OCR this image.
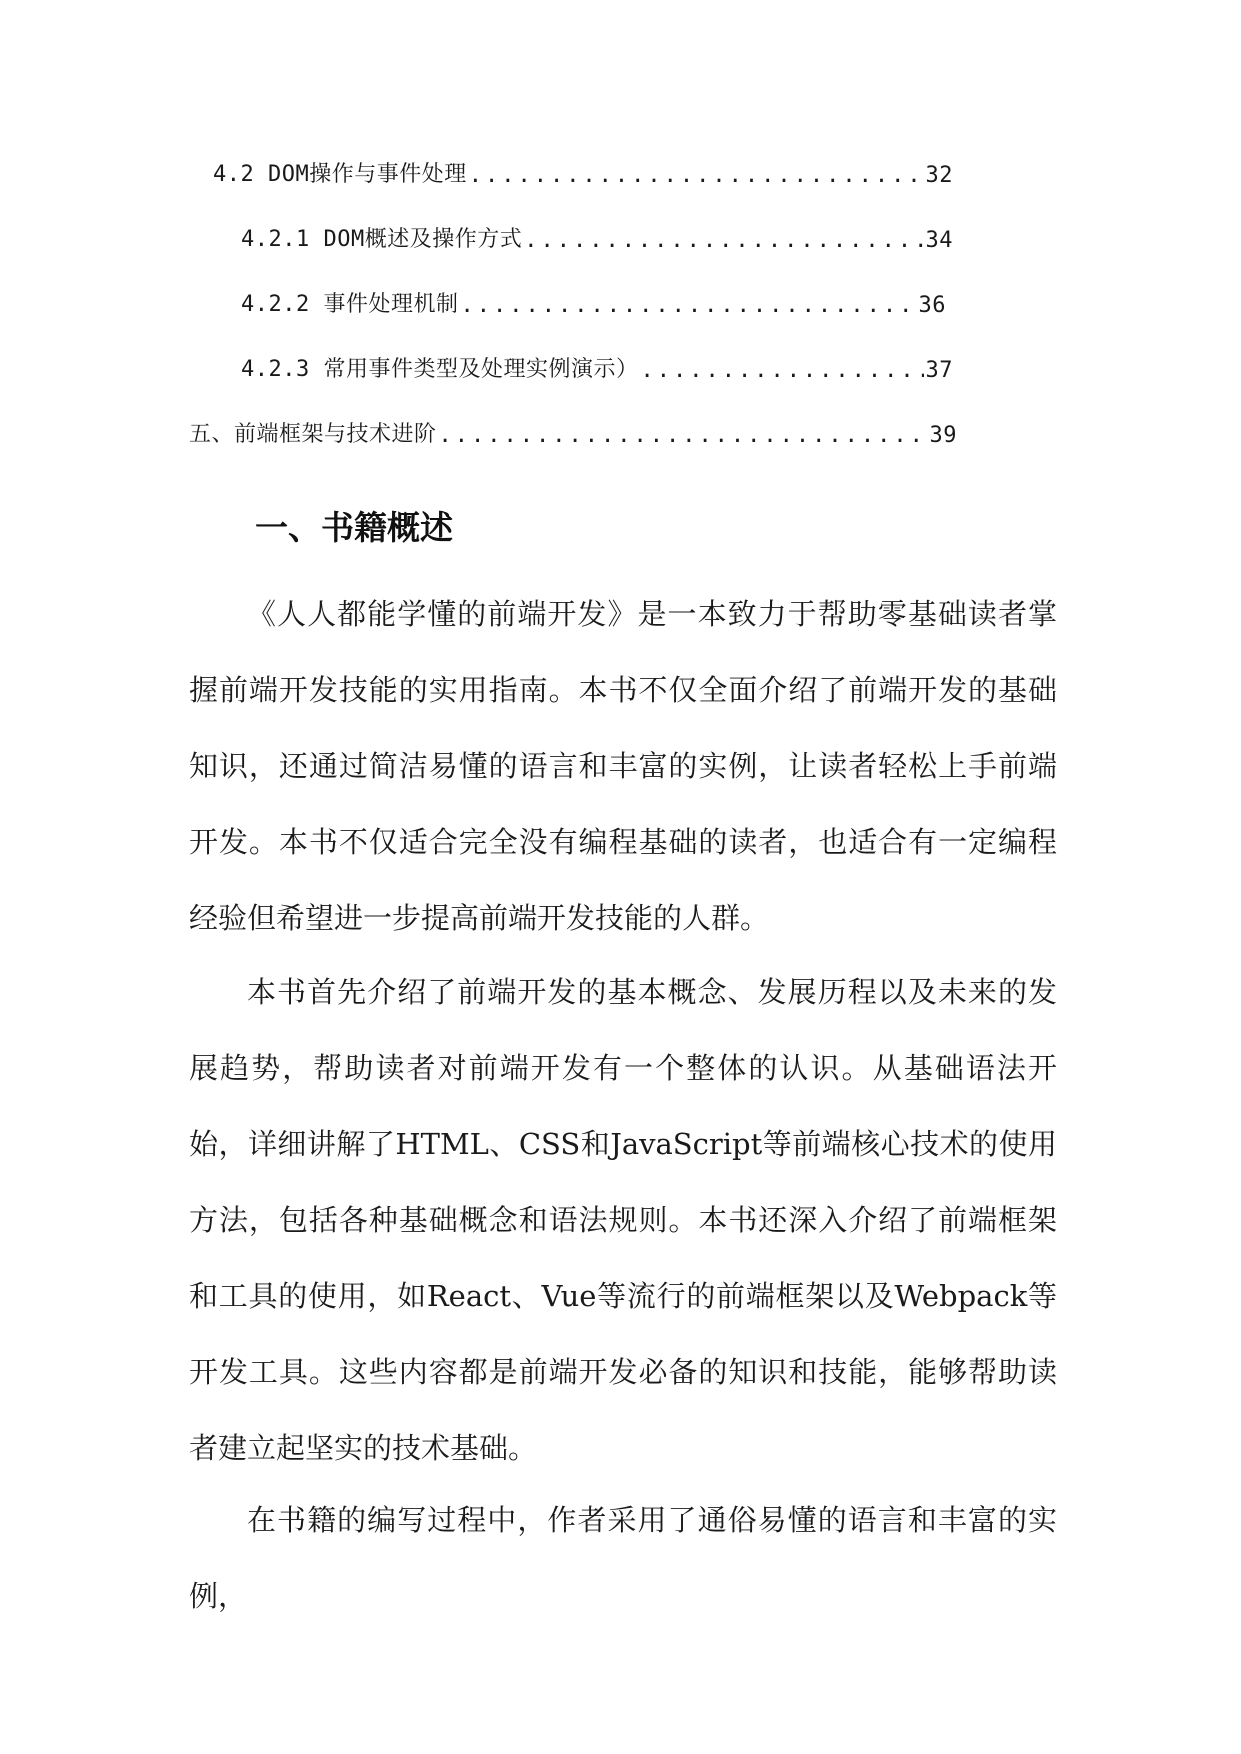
4.2 DOM操作与事件处理 .....	32
4.2.1 DOM概述及操作方式 .....	34
4.2.2 事件处理机制 .....	36
4.2.3 常用事件类型及处理实例演示） .....	37
五、前端框架与技术进阶 .....	39
一、书籍概述

《人人都能学懂的前端开发》是一本致力于帮助零基础读者掌握前端开发技能的实用指南。本书不仅全面介绍了前端开发的基础知识，还通过简洁易懂的语言和丰富的实例，让读者轻松上手前端开发。本书不仅适合完全没有编程基础的读者，也适合有一定编程经验但希望进一步提高前端开发技能的人群。

本书首先介绍了前端开发的基本概念、发展历程以及未来的发展趋势，帮助读者对前端开发有一个整体的认识。从基础语法开始，详细讲解了HTML、CSS和JavaScript等前端核心技术的使用方法，包括各种基础概念和语法规则。本书还深入介绍了前端框架和工具的使用，如React、Vue等流行的前端框架以及Webpack等开发工具。这些内容都是前端开发必备的知识和技能，能够帮助读者建立起坚实的技术基础。

在书籍的编写过程中，作者采用了通俗易懂的语言和丰富的实例，
